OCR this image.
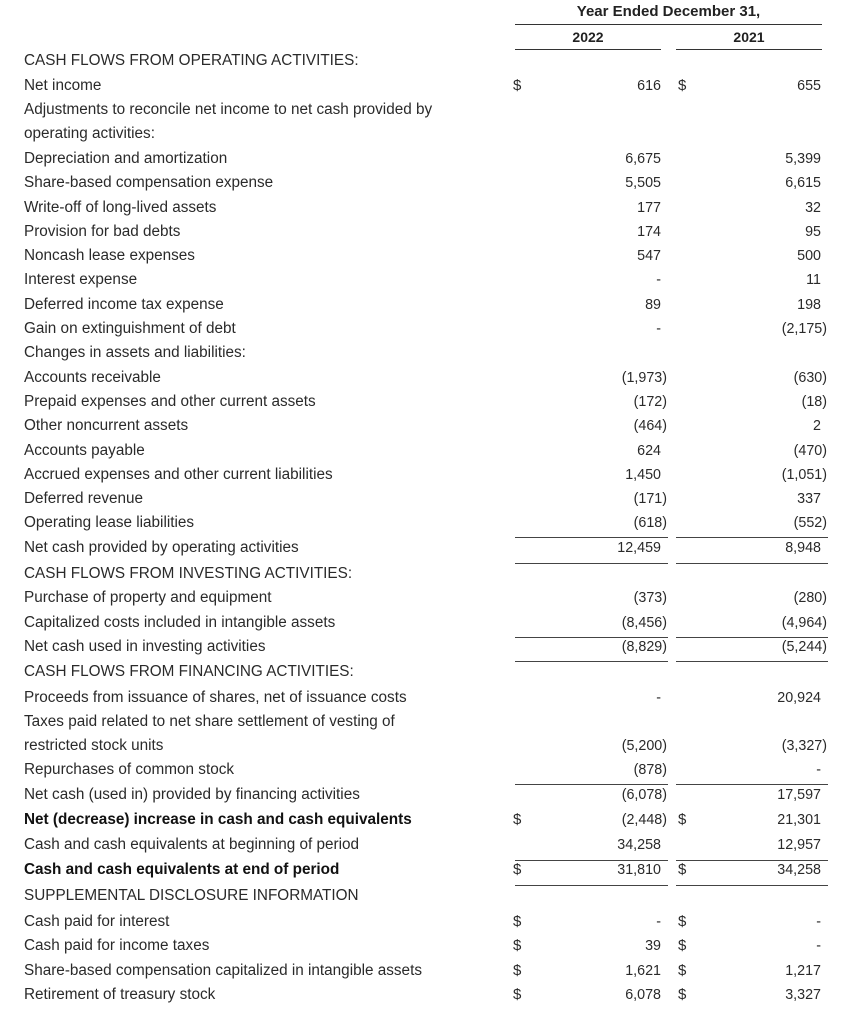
Year Ended December 31,
2022	2021
CASH FLOWS FROM OPERATING ACTIVITIES:
Net income	$	616 $	655
Adjustments to reconcile net income to net cash provided by
operating activities:
Depreciation and amortization	6,675	5,399
Share-based compensation expense	5,505	6,615
Write-off of long-lived assets	177	32
Provision for bad debts	174	95
Noncash lease expenses	547	500
Interest expense	-	11
Deferred income tax expense	89	198
Gain on extinguishment of debt	-	(2,175)
Changes in assets and liabilities:
Accounts receivable	(1,973)	(630)
Prepaid expenses and other current assets	(172)	(18)
Other noncurrent assets	(464)	2
Accounts payable	624	(470)
Accrued expenses and other current liabilities	1,450	(1,051)
Deferred revenue	(171)	337
Operating lease liabilities	(618)	(552)
Net cash provided by operating activities	12,459	8,948
CASH FLOWS FROM INVESTING ACTIVITIES:
Purchase of property and equipment	(373)	(280)
Capitalized costs included in intangible assets	(8,456)	(4,964)
Net cash used in investing activities	(8,829)	(5,244)
CASH FLOWS FROM FINANCING ACTIVITIES:
Proceeds from issuance of shares, net of issuance costs	-	20,924
Taxes paid related to net share settlement of vesting of
restricted stock units	(5,200)	(3,327)
Repurchases of common stock	(878)	-
Net cash (used in) provided by financing activities	(6,078)	17,597
Net (decrease) increase in cash and cash equivalents	$	(2,448) $	21,301
Cash and cash equivalents at beginning of period	34,258	12,957
Cash and cash equivalents at end of period	$	31,810 $	34,258
SUPPLEMENTAL DISCLOSURE INFORMATION
Cash paid for interest	$	- $	-
Cash paid for income taxes	$	39 $	-
Share-based compensation capitalized in intangible assets	$	1,621 $	1,217
Retirement of treasury stock	$	6,078 $	3,327
